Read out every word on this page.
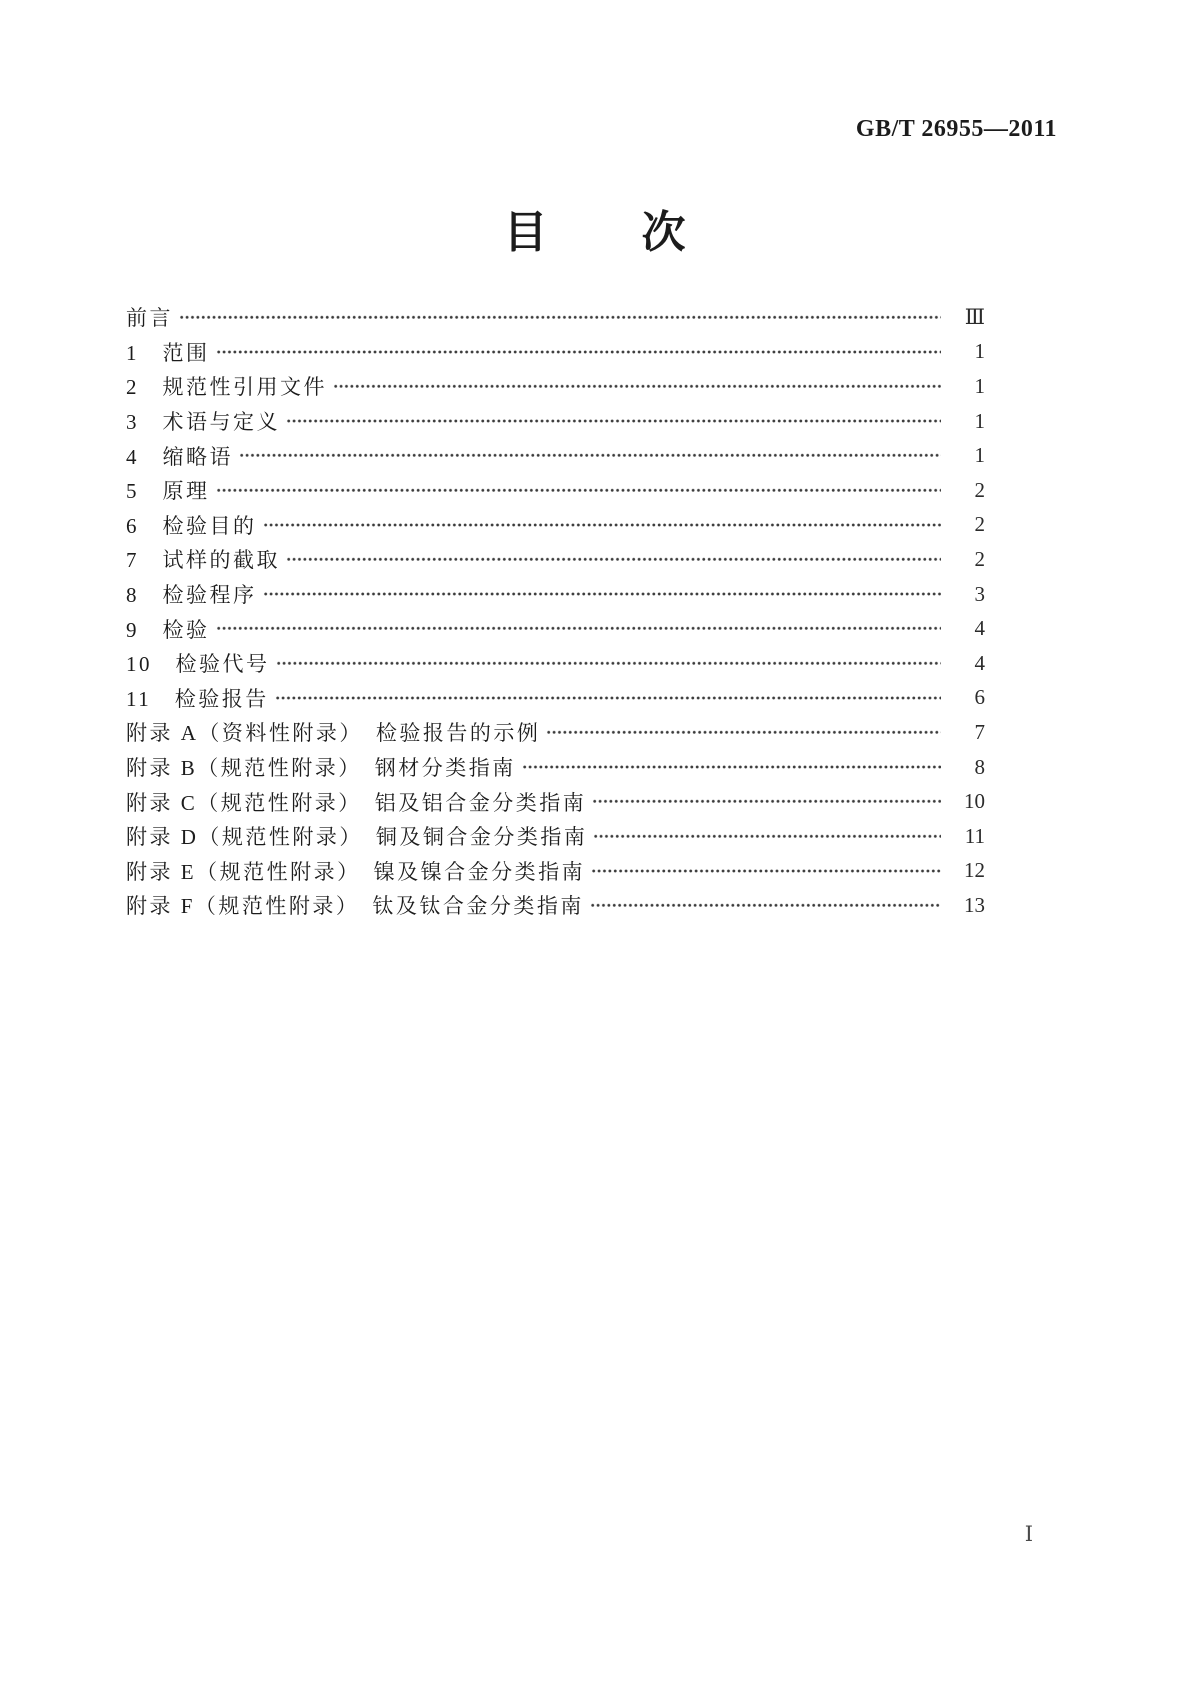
GB/T 26955—2011
目　　次
前言	Ⅲ
1　范围	1
2　规范性引用文件	1
3　术语与定义	1
4　缩略语	1
5　原理	2
6　检验目的	2
7　试样的截取	2
8　检验程序	3
9　检验	4
10　检验代号	4
11　检验报告	6
附录 A（资料性附录）　检验报告的示例	7
附录 B（规范性附录）　钢材分类指南	8
附录 C（规范性附录）　铝及铝合金分类指南	10
附录 D（规范性附录）　铜及铜合金分类指南	11
附录 E（规范性附录）　镍及镍合金分类指南	12
附录 F（规范性附录）　钛及钛合金分类指南	13
Ⅰ
